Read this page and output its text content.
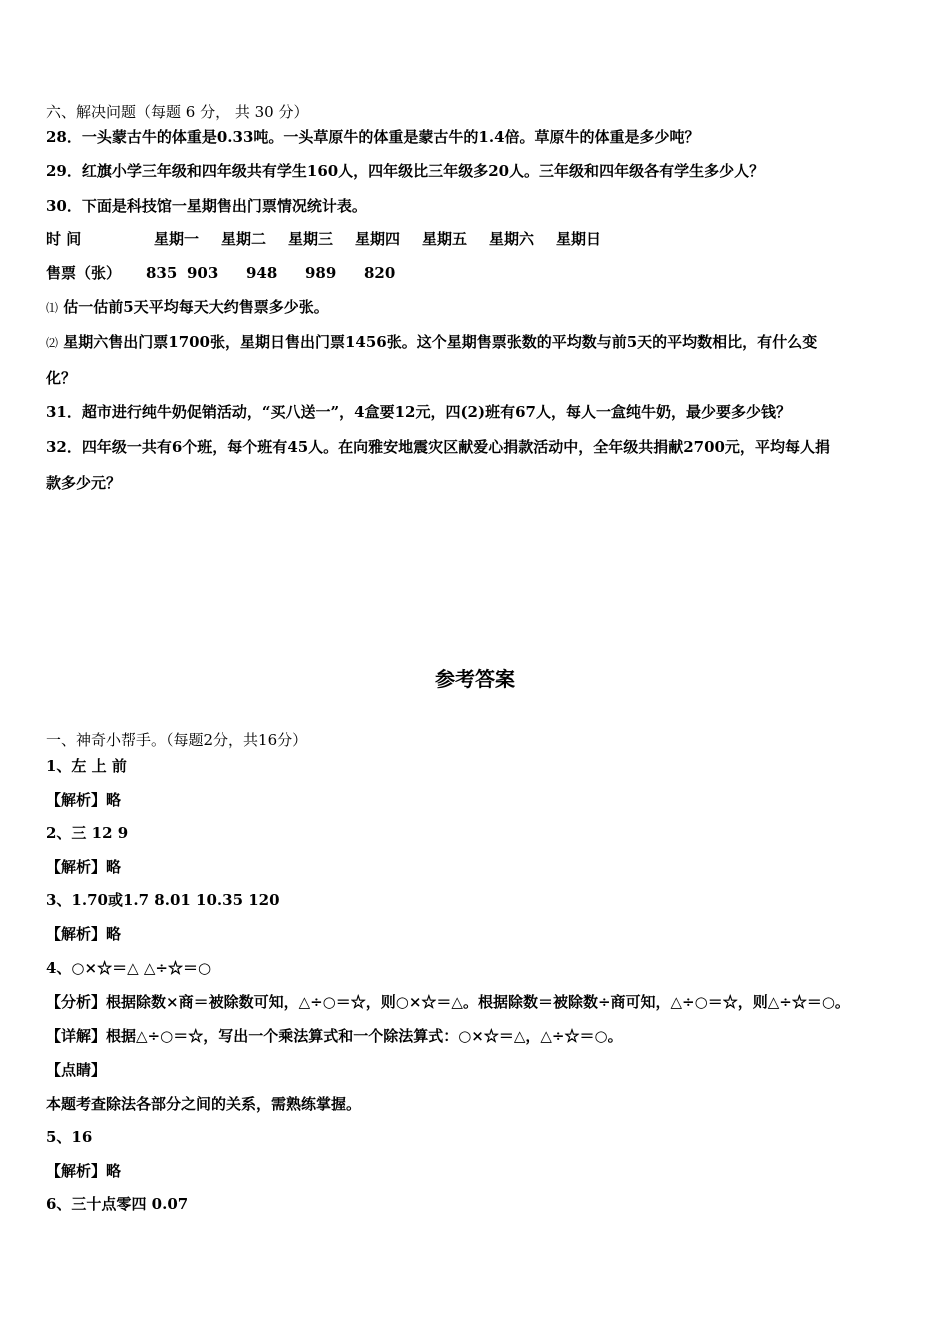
六、解决问题（每题 6 分， 共 30 分）
28．一头蒙古牛的体重是0.33吨。一头草原牛的体重是蒙古牛的1.4倍。草原牛的体重是多少吨？
29．红旗小学三年级和四年级共有学生160人，四年级比三年级多20人。三年级和四年级各有学生多少人？
30．下面是科技馆一星期售出门票情况统计表。
时 间	星期一 星期二 星期三 星期四 星期五 星期六 星期日
售票（张） 835 903 948 989 820
⑴ 估一估前5天平均每天大约售票多少张。
⑵ 星期六售出门票1700张，星期日售出门票1456张。这个星期售票张数的平均数与前5天的平均数相比，有什么变
化？
31．超市进行纯牛奶促销活动，“买八送一”，4盒要12元，四(2)班有67人，每人一盒纯牛奶，最少要多少钱？
32．四年级一共有6个班，每个班有45人。在向雅安地震灾区献爱心捐款活动中，全年级共捐献2700元，平均每人捐
款多少元？
参考答案
一、神奇小帮手。（每题2分，共16分）
1、左 上 前
【解析】略
2、三 12 9
【解析】略
3、1.70或1.7 8.01 10.35 120
【解析】略
4、○×☆＝△ △÷☆＝○
【分析】根据除数×商＝被除数可知，△÷○＝☆，则○×☆＝△。根据除数＝被除数÷商可知，△÷○＝☆，则△÷☆＝○。
【详解】根据△÷○＝☆，写出一个乘法算式和一个除法算式：○×☆＝△，△÷☆＝○。
【点睛】
本题考查除法各部分之间的关系，需熟练掌握。
5、16
【解析】略
6、三十点零四 0.07
